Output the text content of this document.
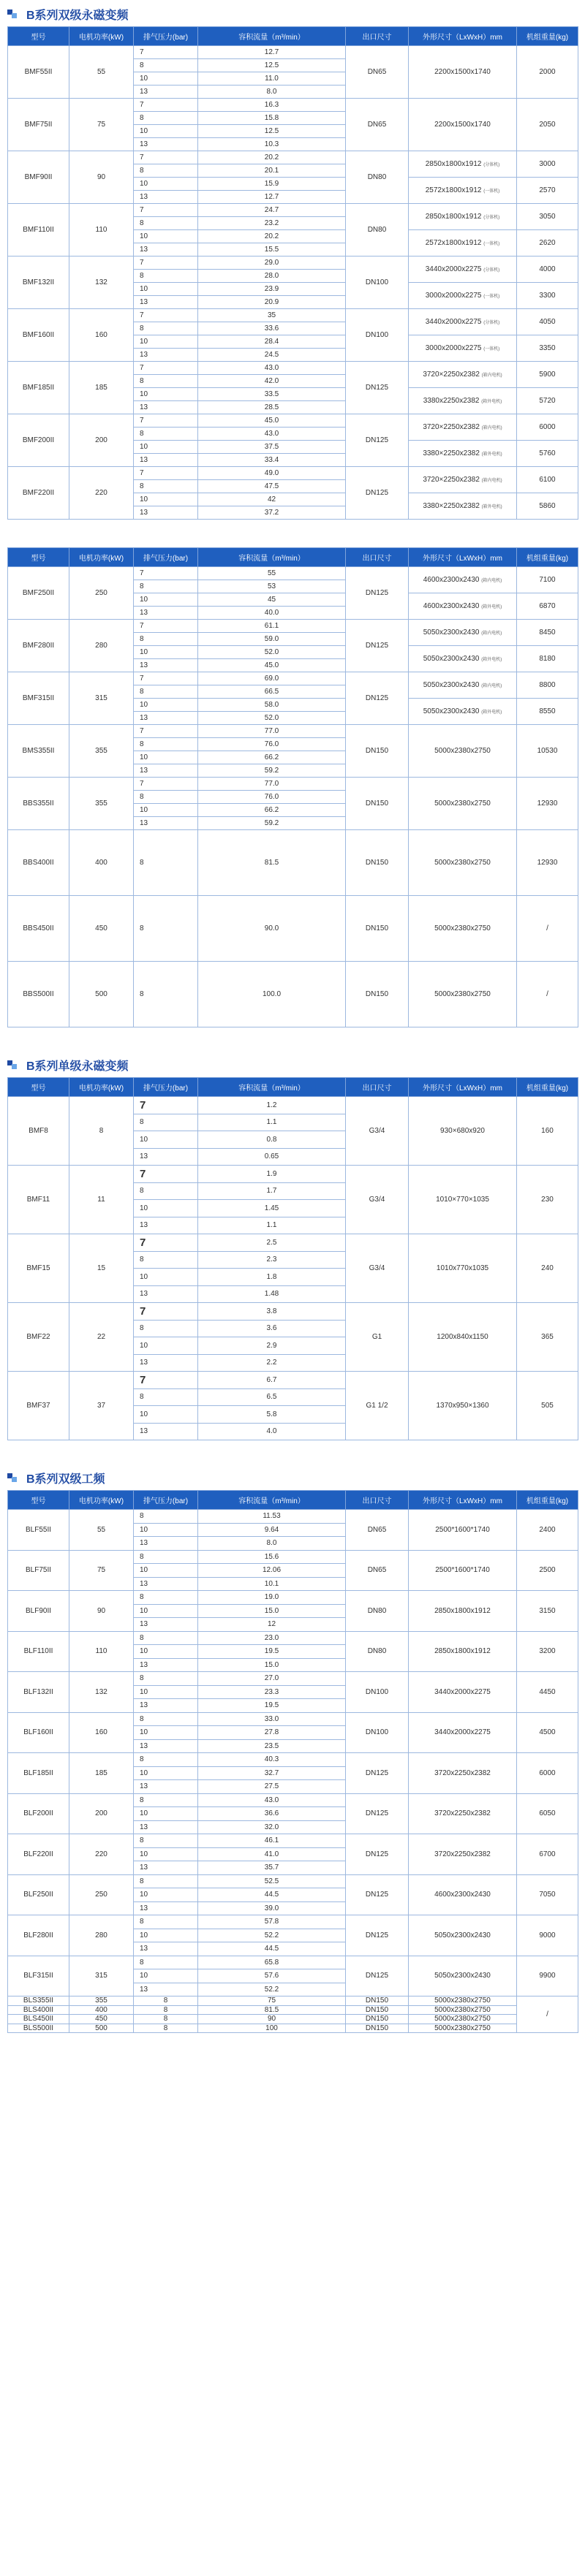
B系列双级永磁变频
型号	电机功率(kW)	排气压力(bar)	容积流量（m³/min）	出口尺寸	外形尺寸（LxWxH）mm	机组重量(kg)
BMF55II	55	7	12.7	DN65	2200x1500x1740	2000
		8	12.5			
		10	11.0			
		13	8.0			
BMF75II	75	7	16.3	DN65	2200x1500x1740	2050
		8	15.8			
		10	12.5			
		13	10.3			
BMF90II	90	7	20.2	DN80	2850x1800x1912 (分体机)	3000
		8	20.1			
		10	15.9		2572x1800x1912 (一体机)	2570
		13	12.7			
BMF110II	110	7	24.7	DN80	2850x1800x1912 (分体机)	3050
		8	23.2			
		10	20.2		2572x1800x1912 (一体机)	2620
		13	15.5			
BMF132II	132	7	29.0	DN100	3440x2000x2275 (分体机)	4000
		8	28.0			
		10	23.9		3000x2000x2275 (一体机)	3300
		13	20.9			
BMF160II	160	7	35	DN100	3440x2000x2275 (分体机)	4050
		8	33.6			
		10	28.4		3000x2000x2275 (一体机)	3350
		13	24.5			
BMF185II	185	7	43.0	DN125	3720×2250x2382 (箱内电机)	5900
		8	42.0			
		10	33.5		3380x2250x2382 (箱外电机)	5720
		13	28.5			
BMF200II	200	7	45.0	DN125	3720×2250x2382 (箱内电机)	6000
		8	43.0			
		10	37.5		3380×2250x2382 (箱外电机)	5760
		13	33.4			
BMF220II	220	7	49.0	DN125	3720×2250x2382 (箱内电机)	6100
		8	47.5			
		10	42		3380×2250x2382 (箱外电机)	5860
		13	37.2			
型号	电机功率(kW)	排气压力(bar)	容积流量（m³/min）	出口尺寸	外形尺寸（LxWxH）mm	机组重量(kg)
BMF250II	250	7	55	DN125	4600x2300x2430 (箱内电机)	7100
		8	53			
		10	45		4600x2300x2430 (箱外电机)	6870
		13	40.0			
BMF280II	280	7	61.1	DN125	5050x2300x2430 (箱内电机)	8450
		8	59.0			
		10	52.0		5050x2300x2430 (箱外电机)	8180
		13	45.0			
BMF315II	315	7	69.0	DN125	5050x2300x2430 (箱内电机)	8800
		8	66.5			
		10	58.0		5050x2300x2430 (箱外电机)	8550
		13	52.0			
BMS355II	355	7	77.0	DN150	5000x2380x2750	10530
		8	76.0			
		10	66.2			
		13	59.2			
BBS355II	355	7	77.0	DN150	5000x2380x2750	12930
		8	76.0			
		10	66.2			
		13	59.2			
BBS400II	400	8	81.5	DN150	5000x2380x2750	12930
BBS450II	450	8	90.0	DN150	5000x2380x2750	/
BBS500II	500	8	100.0	DN150	5000x2380x2750	/
B系列单级永磁变频
型号	电机功率(kW)	排气压力(bar)	容积流量（m³/min）	出口尺寸	外形尺寸（LxWxH）mm	机组重量(kg)
BMF8	8	7	1.2	G3/4	930×680x920	160
		8	1.1			
		10	0.8			
		13	0.65			
BMF11	11	7	1.9	G3/4	1010×770×1035	230
		8	1.7			
		10	1.45			
		13	1.1			
BMF15	15	7	2.5	G3/4	1010x770x1035	240
		8	2.3			
		10	1.8			
		13	1.48			
BMF22	22	7	3.8	G1	1200x840x1150	365
		8	3.6			
		10	2.9			
		13	2.2			
BMF37	37	7	6.7	G1 1/2	1370x950×1360	505
		8	6.5			
		10	5.8			
		13	4.0			
B系列双级工频
型号	电机功率(kW)	排气压力(bar)	容积流量（m³/min）	出口尺寸	外形尺寸（LxWxH）mm	机组重量(kg)
BLF55II	55	8	11.53	DN65	2500*1600*1740	2400
		10	9.64			
		13	8.0			
BLF75II	75	8	15.6	DN65	2500*1600*1740	2500
		10	12.06			
		13	10.1			
BLF90II	90	8	19.0	DN80	2850x1800x1912	3150
		10	15.0			
		13	12			
BLF110II	110	8	23.0	DN80	2850x1800x1912	3200
		10	19.5			
		13	15.0			
BLF132II	132	8	27.0	DN100	3440x2000x2275	4450
		10	23.3			
		13	19.5			
BLF160II	160	8	33.0	DN100	3440x2000x2275	4500
		10	27.8			
		13	23.5			
BLF185II	185	8	40.3	DN125	3720x2250x2382	6000
		10	32.7			
		13	27.5			
BLF200II	200	8	43.0	DN125	3720x2250x2382	6050
		10	36.6			
		13	32.0			
BLF220II	220	8	46.1	DN125	3720x2250x2382	6700
		10	41.0			
		13	35.7			
BLF250II	250	8	52.5	DN125	4600x2300x2430	7050
		10	44.5			
		13	39.0			
BLF280II	280	8	57.8	DN125	5050x2300x2430	9000
		10	52.2			
		13	44.5			
BLF315II	315	8	65.8	DN125	5050x2300x2430	9900
		10	57.6			
		13	52.2			
BLS355II	355	8	75	DN150	5000x2380x2750	/
BLS400II	400	8	81.5	DN150	5000x2380x2750	
BLS450II	450	8	90	DN150	5000x2380x2750	
BLS500II	500	8	100	DN150	5000x2380x2750	
